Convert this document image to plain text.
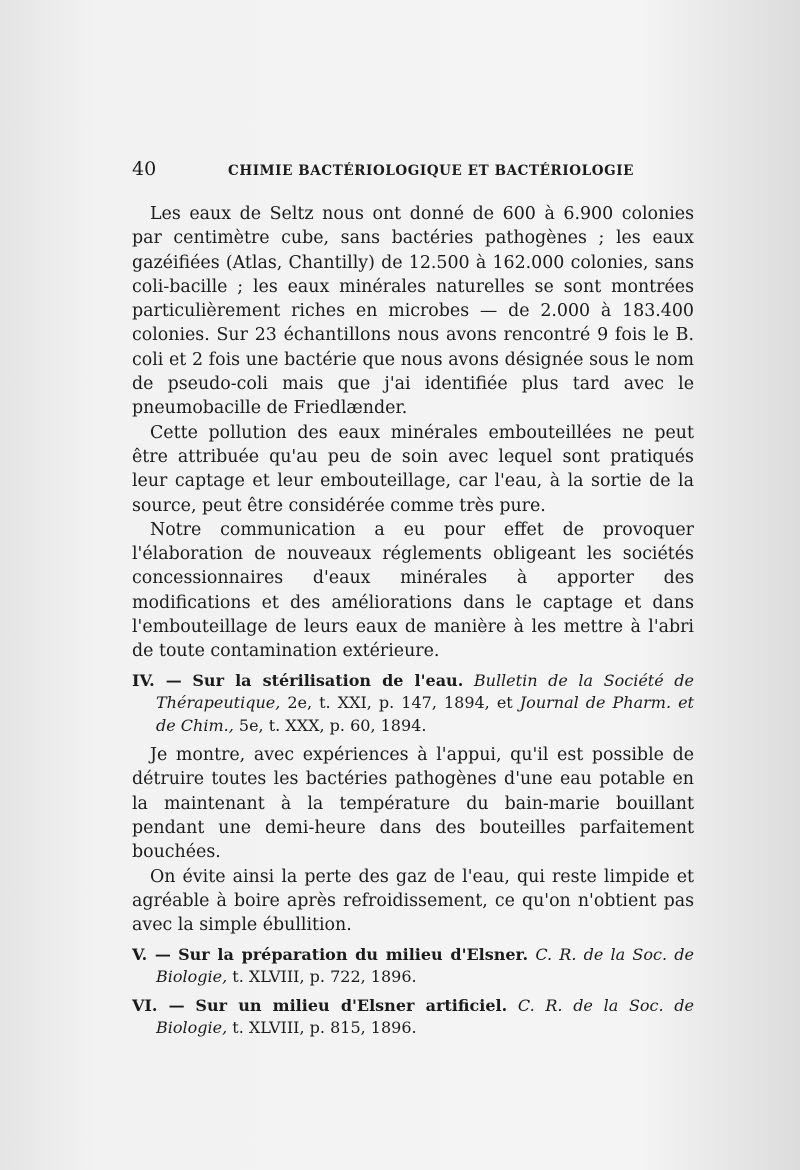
40	CHIMIE BACTÉRIOLOGIQUE ET BACTÉRIOLOGIE

Les eaux de Seltz nous ont donné de 600 à 6.900 colonies par centimètre cube, sans bactéries pathogènes ; les eaux gazéifiées (Atlas, Chantilly) de 12.500 à 162.000 colonies, sans coli-bacille ; les eaux minérales naturelles se sont montrées particulièrement riches en microbes — de 2.000 à 183.400 colonies. Sur 23 échantillons nous avons rencontré 9 fois le B. coli et 2 fois une bactérie que nous avons désignée sous le nom de pseudo-coli mais que j'ai identifiée plus tard avec le pneumobacille de Friedlænder.

Cette pollution des eaux minérales embouteillées ne peut être attribuée qu'au peu de soin avec lequel sont pratiqués leur captage et leur embouteillage, car l'eau, à la sortie de la source, peut être considérée comme très pure.

Notre communication a eu pour effet de provoquer l'élaboration de nouveaux réglements obligeant les sociétés concessionnaires d'eaux minérales à apporter des modifications et des améliorations dans le captage et dans l'embouteillage de leurs eaux de manière à les mettre à l'abri de toute contamination extérieure.

IV. — Sur la stérilisation de l'eau. Bulletin de la Société de Thérapeutique, 2e, t. XXI, p. 147, 1894, et Journal de Pharm. et de Chim., 5e, t. XXX, p. 60, 1894.

Je montre, avec expériences à l'appui, qu'il est possible de détruire toutes les bactéries pathogènes d'une eau potable en la maintenant à la température du bain-marie bouillant pendant une demi-heure dans des bouteilles parfaitement bouchées.

On évite ainsi la perte des gaz de l'eau, qui reste limpide et agréable à boire après refroidissement, ce qu'on n'obtient pas avec la simple ébullition.

V. — Sur la préparation du milieu d'Elsner. C. R. de la Soc. de Biologie, t. XLVIII, p. 722, 1896.

VI. — Sur un milieu d'Elsner artificiel. C. R. de la Soc. de Biologie, t. XLVIII, p. 815, 1896.
